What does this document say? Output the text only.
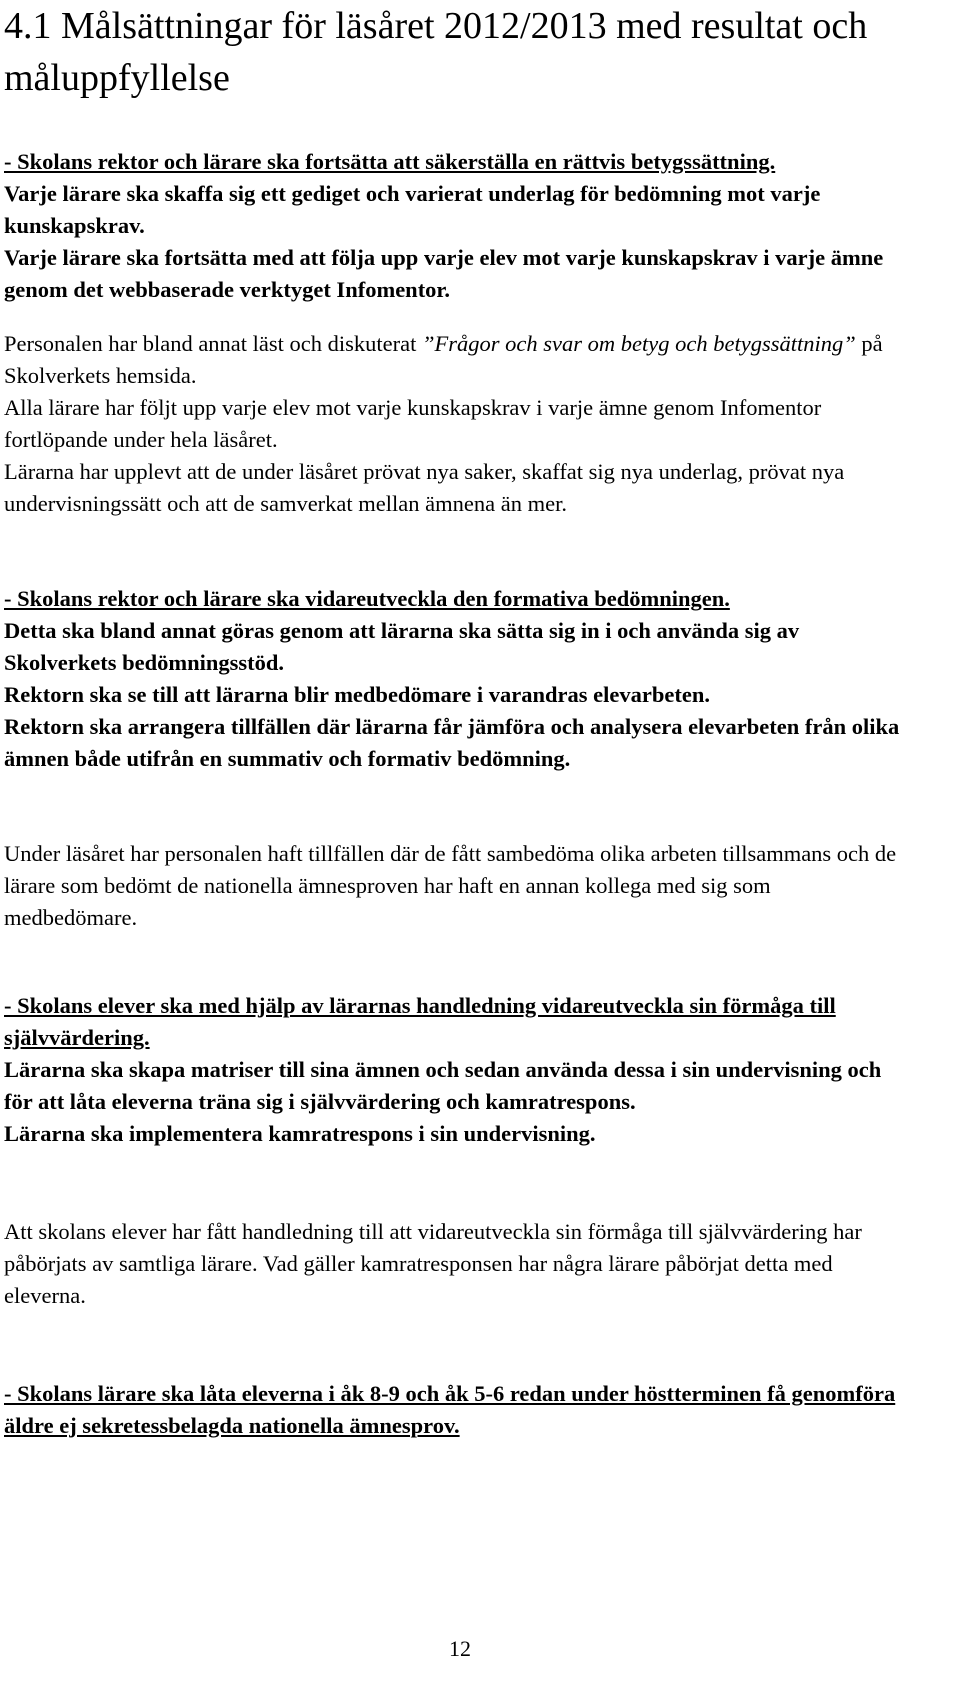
4.1 Målsättningar för läsåret 2012/2013 med resultat och måluppfyllelse

- Skolans rektor och lärare ska fortsätta att säkerställa en rättvis betygssättning.

Varje lärare ska skaffa sig ett gediget och varierat underlag för bedömning mot varje kunskapskrav.

Varje lärare ska fortsätta med att följa upp varje elev mot varje kunskapskrav i varje ämne genom det webbaserade verktyget Infomentor.

Personalen har bland annat läst och diskuterat ”Frågor och svar om betyg och betygssättning” på Skolverkets hemsida.

Alla lärare har följt upp varje elev mot varje kunskapskrav i varje ämne genom Infomentor fortlöpande under hela läsåret.

Lärarna har upplevt att de under läsåret prövat nya saker, skaffat sig nya underlag, prövat nya undervisningssätt och att de samverkat mellan ämnena än mer.

- Skolans rektor och lärare ska vidareutveckla den formativa bedömningen.

Detta ska bland annat göras genom att lärarna ska sätta sig in i och använda sig av Skolverkets bedömningsstöd.

Rektorn ska se till att lärarna blir medbedömare i varandras elevarbeten.

Rektorn ska arrangera tillfällen där lärarna får jämföra och analysera elevarbeten från olika ämnen både utifrån en summativ och formativ bedömning.

Under läsåret har personalen haft tillfällen där de fått sambedöma olika arbeten tillsammans och de lärare som bedömt de nationella ämnesproven har haft en annan kollega med sig som medbedömare.

- Skolans elever ska med hjälp av lärarnas handledning vidareutveckla sin förmåga till självvärdering.

Lärarna ska skapa matriser till sina ämnen och sedan använda dessa i sin undervisning och för att låta eleverna träna sig i självvärdering och kamratrespons.

Lärarna ska implementera kamratrespons i sin undervisning.

Att skolans elever har fått handledning till att vidareutveckla sin förmåga till självvärdering har påbörjats av samtliga lärare. Vad gäller kamratresponsen har några lärare påbörjat detta med eleverna.

- Skolans lärare ska låta eleverna i åk 8-9 och åk 5-6 redan under höstterminen få genomföra äldre ej sekretessbelagda nationella ämnesprov.

12
